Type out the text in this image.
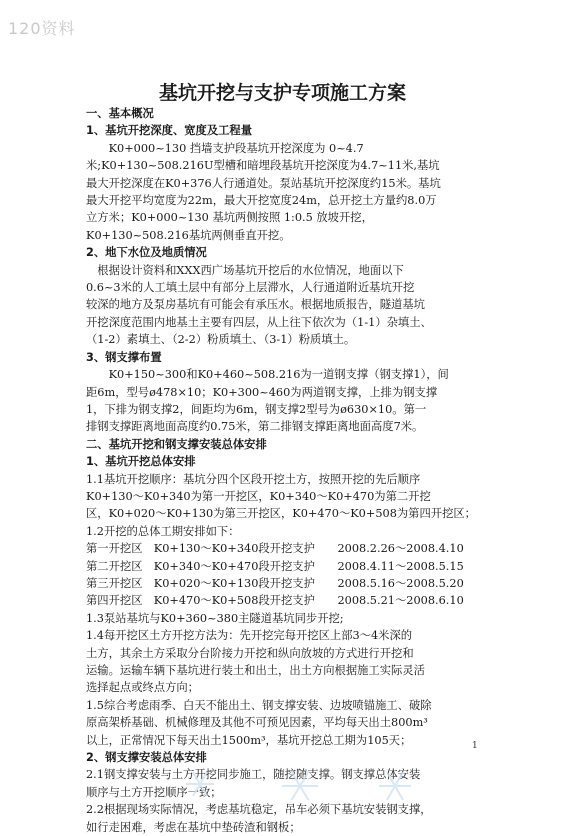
120资料
基坑开挖与支护专项施工方案
一、基本概况
1、基坑开挖深度、宽度及工程量
　　K0+000~130 挡墙支护段基坑开挖深度为 0~4.7
米;K0+130~508.216U型槽和暗埋段基坑开挖深度为4.7~11米,基坑
最大开挖深度在K0+376人行通道处。泵站基坑开挖深度约15米。基坑
最大开挖平均宽度为22m，最大开挖宽度24m，总开挖土方量约8.0万
立方米；K0+000~130 基坑两侧按照 1:0.5 放坡开挖，
K0+130~508.216基坑两侧垂直开挖。
2、地下水位及地质情况
　根据设计资料和XXX西广场基坑开挖后的水位情况，地面以下
0.6~3米的人工填土层中有部分上层滞水，人行通道附近基坑开挖
较深的地方及泵房基坑有可能会有承压水。根据地质报告，隧道基坑
开挖深度范围内地基土主要有四层，从上往下依次为（1-1）杂填土、
（1-2）素填土、（2-2）粉质填土、（3-1）粉质填土。
3、钢支撑布置
　　K0+150~300和K0+460~508.216为一道钢支撑（钢支撑1），间
距6m，型号ø478×10；K0+300~460为两道钢支撑，上排为钢支撑
1，下排为钢支撑2，间距均为6m，钢支撑2型号为ø630×10。第一
排钢支撑距离地面高度约0.75米，第二排钢支撑距离地面高度7米。
二、基坑开挖和钢支撑安装总体安排
1、基坑开挖总体安排
1.1基坑开挖顺序：基坑分四个区段开挖土方，按照开挖的先后顺序
K0+130～K0+340为第一开挖区，K0+340～K0+470为第二开挖
区，K0+020～K0+130为第三开挖区，K0+470～K0+508为第四开挖区；
1.2开挖的总体工期安排如下：
第一开挖区　K0+130～K0+340段开挖支护　　2008.2.26～2008.4.10
第二开挖区　K0+340～K0+470段开挖支护　　2008.4.11～2008.5.15
第三开挖区　K0+020～K0+130段开挖支护　　2008.5.16～2008.5.20
第四开挖区　K0+470～K0+508段开挖支护　　2008.5.21～2008.6.10
1.3泵站基坑与K0+360~380主隧道基坑同步开挖;
1.4每开挖区土方开挖方法为：先开挖完每开挖区上部3～4米深的
土方，其余土方采取分台阶接力开挖和纵向放坡的方式进行开挖和
运输。运输车辆下基坑进行装土和出土，出土方向根据施工实际灵活
选择起点或终点方向；
1.5综合考虑雨季、白天不能出土、钢支撑安装、边坡喷锚施工、破除
原高架桥基础、机械修理及其他不可预见因素，平均每天出土800m³
以上，正常情况下每天出土1500m³，基坑开挖总工期为105天；
2、钢支撑安装总体安排
2.1钢支撑安装与土方开挖同步施工，随挖随支撑。钢支撑总体安装
顺序与土方开挖顺序一致；
2.2根据现场实际情况，考虑基坑稳定，吊车必须下基坑安装钢支撑，
如行走困难，考虑在基坑中垫砖渣和钢板；
1
